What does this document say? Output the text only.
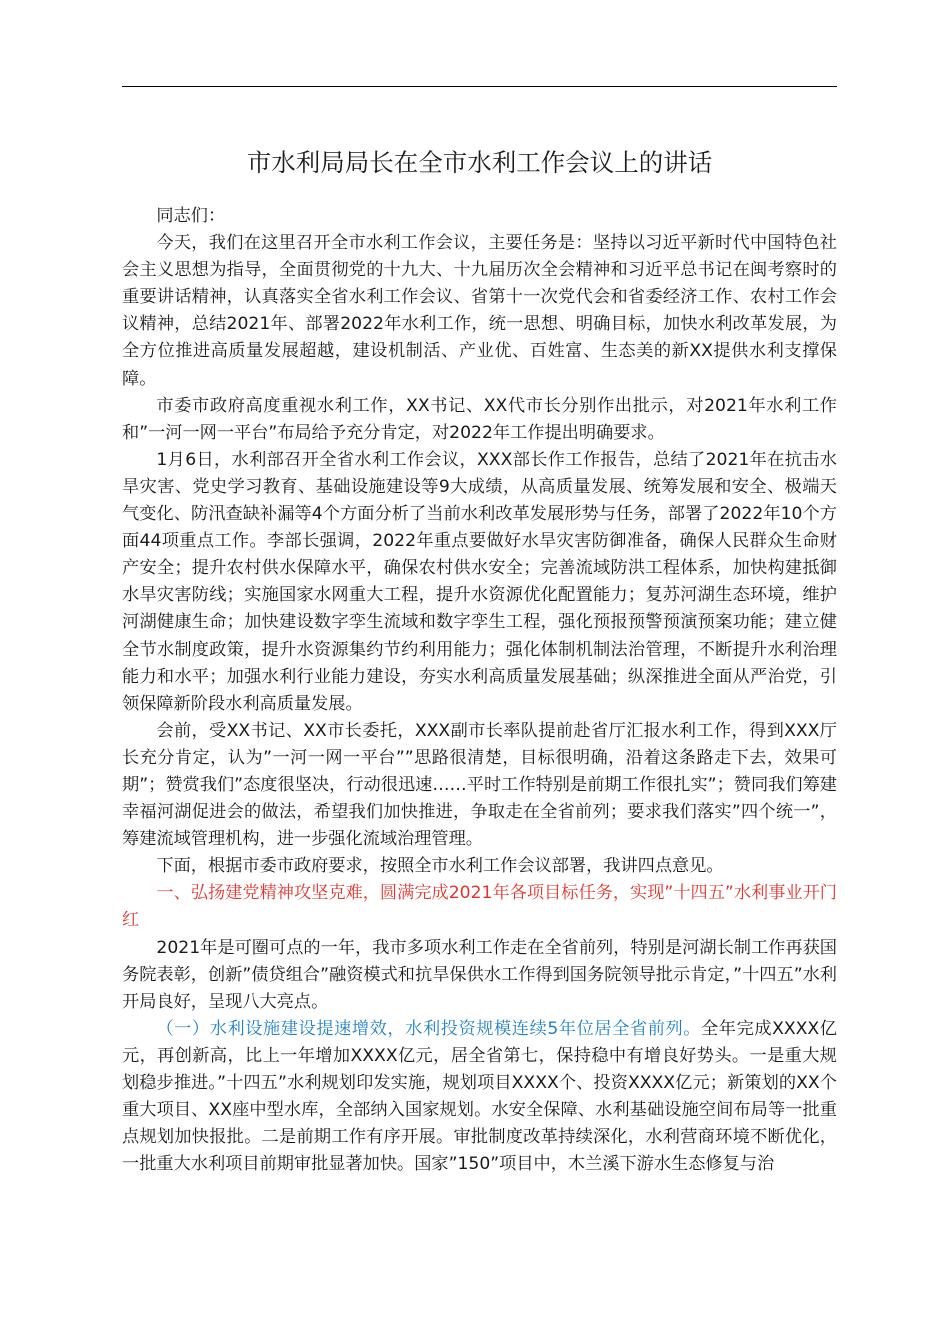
市水利局局长在全市水利工作会议上的讲话

同志们：

今天，我们在这里召开全市水利工作会议，主要任务是：坚持以习近平新时代中国特色社会主义思想为指导，全面贯彻党的十九大、十九届历次全会精神和习近平总书记在闽考察时的重要讲话精神，认真落实全省水利工作会议、省第十一次党代会和省委经济工作、农村工作会议精神，总结2021年、部署2022年水利工作，统一思想、明确目标，加快水利改革发展，为全方位推进高质量发展超越，建设机制活、产业优、百姓富、生态美的新XX提供水利支撑保障。

市委市政府高度重视水利工作，XX书记、XX代市长分别作出批示，对2021年水利工作和”一河一网一平台”布局给予充分肯定，对2022年工作提出明确要求。

1月6日，水利部召开全省水利工作会议，XXX部长作工作报告，总结了2021年在抗击水旱灾害、党史学习教育、基础设施建设等9大成绩，从高质量发展、统筹发展和安全、极端天气变化、防汛查缺补漏等4个方面分析了当前水利改革发展形势与任务，部署了2022年10个方面44项重点工作。李部长强调，2022年重点要做好水旱灾害防御准备，确保人民群众生命财产安全；提升农村供水保障水平，确保农村供水安全；完善流域防洪工程体系，加快构建抵御水旱灾害防线；实施国家水网重大工程，提升水资源优化配置能力；复苏河湖生态环境，维护河湖健康生命；加快建设数字孪生流域和数字孪生工程，强化预报预警预演预案功能；建立健全节水制度政策，提升水资源集约节约利用能力；强化体制机制法治管理，不断提升水利治理能力和水平；加强水利行业能力建设，夯实水利高质量发展基础；纵深推进全面从严治党，引领保障新阶段水利高质量发展。

会前，受XX书记、XX市长委托，XXX副市长率队提前赴省厅汇报水利工作，得到XXX厅长充分肯定，认为”一河一网一平台””思路很清楚，目标很明确，沿着这条路走下去，效果可期”；赞赏我们”态度很坚决，行动很迅速……平时工作特别是前期工作很扎实”；赞同我们筹建幸福河湖促进会的做法，希望我们加快推进，争取走在全省前列；要求我们落实”四个统一”，筹建流域管理机构，进一步强化流域治理管理。

下面，根据市委市政府要求，按照全市水利工作会议部署，我讲四点意见。

一、弘扬建党精神攻坚克难，圆满完成2021年各项目标任务，实现”十四五”水利事业开门红

2021年是可圈可点的一年，我市多项水利工作走在全省前列，特别是河湖长制工作再获国务院表彰，创新”债贷组合”融资模式和抗旱保供水工作得到国务院领导批示肯定，”十四五”水利开局良好，呈现八大亮点。

（一）水利设施建设提速增效，水利投资规模连续5年位居全省前列。全年完成XXXX亿元，再创新高，比上一年增加XXXX亿元，居全省第七，保持稳中有增良好势头。一是重大规划稳步推进。”十四五”水利规划印发实施，规划项目XXXX个、投资XXXX亿元；新策划的XX个重大项目、XX座中型水库，全部纳入国家规划。水安全保障、水利基础设施空间布局等一批重点规划加快报批。二是前期工作有序开展。审批制度改革持续深化，水利营商环境不断优化，一批重大水利项目前期审批显著加快。国家”150”项目中，木兰溪下游水生态修复与治
